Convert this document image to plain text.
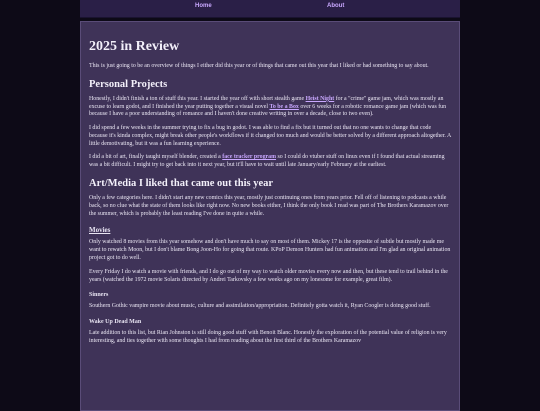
Home	About
2025 in Review

This is just going to be an overview of things I either did this year or of things that came out this year that I liked or had something to say about.

Personal Projects

Honestly, I didn't finish a ton of stuff this year. I started the year off with short stealth game Heist Night for a "crime" game jam, which was mostly an excuse to learn godot, and I finished the year putting together a visual novel To be a Box over 6 weeks for a robotic romance game jam (which was fun because I have a poor understanding of romance and I haven't done creative writing in over a decade, close to two even).

I did spend a few weeks in the summer trying to fix a bug in godot. I was able to find a fix but it turned out that no one wants to change that code because it's kinda complex, might break other people's workflows if it changed too much and would be better solved by a different approach altogether. A little demotivating, but it was a fun learning experience.

I did a bit of art, finally taught myself blender, created a face tracker program so I could do vtuber stuff on linux even if I found that actual streaming was a bit difficult. I might try to get back into it next year, but it'll have to wait until late January/early February at the earliest.

Art/Media I liked that came out this year

Only a few categories here. I didn't start any new comics this year, mostly just continuing ones from years prior. Fell off of listening to podcasts a while back, so no clue what the state of them looks like right now. No new books either, I think the only book I read was part of The Brothers Karamazov over the summer, which is probably the least reading I've done in quite a while.

Movies

Only watched 8 movies from this year somehow and don't have much to say on most of them. Mickey 17 is the opposite of subtle but mostly made me want to rewatch Moon, but I don't blame Bong Joon-Ho for going that route. KPoP Demon Hunters had fun animation and I'm glad an original animation project got to do well.

Every Friday I do watch a movie with friends, and I do go out of my way to watch older movies every now and then, but these tend to trail behind in the years (watched the 1972 movie Solaris directed by Andrei Tarkovsky a few weeks ago on my lonesome for example, great film).

Sinners

Southern Gothic vampire movie about music, culture and assimilation/appropriation. Definitely gotta watch it, Ryan Coogler is doing good stuff.

Wake Up Dead Man

Late addition to this list, but Rian Johnston is still doing good stuff with Benoit Blanc. Honestly the exploration of the potential value of religion is very interesting, and ties together with some thoughts I had from reading about the first third of the Brothers Karamazov
